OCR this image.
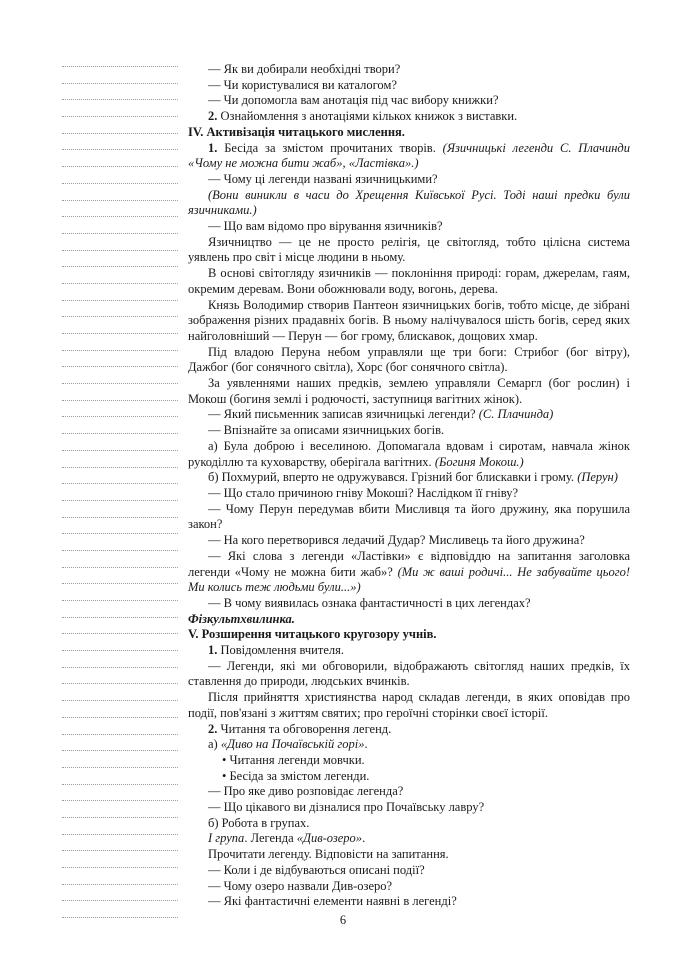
— Як ви добирали необхідні твори?
— Чи користувалися ви каталогом?
— Чи допомогла вам анотація під час вибору книжки?
2. Ознайомлення з анотаціями кількох книжок з виставки.
IV. Активізація читацького мислення.
1. Бесіда за змістом прочитаних творів. (Язичницькі легенди С. Плачинди «Чому не можна бити жаб», «Ластівка».)
— Чому ці легенди названі язичницькими?
(Вони виникли в часи до Хрещення Київської Русі. Тоді наші предки були язичниками.)
— Що вам відомо про вірування язичників?
Язичництво — це не просто релігія, це світогляд, тобто цілісна система уявлень про світ і місце людини в ньому.
В основі світогляду язичників — поклоніння природі: горам, джерелам, гаям, окремим деревам. Вони обожнювали воду, вогонь, дерева.
Князь Володимир створив Пантеон язичницьких богів, тобто місце, де зібрані зображення різних прадавніх богів. В ньому налічувалося шість богів, серед яких найголовніший — Перун — бог грому, блискавок, дощових хмар.
Під владою Перуна небом управляли ще три боги: Стрибог (бог вітру), Дажбог (бог сонячного світла), Хорс (бог сонячного світла).
За уявленнями наших предків, землею управляли Семаргл (бог рослин) і Мокош (богиня землі і родючості, заступниця вагітних жінок).
— Який письменник записав язичницькі легенди? (С. Плачинда)
— Впізнайте за описами язичницьких богів.
а) Була доброю і веселиною. Допомагала вдовам і сиротам, навчала жінок рукоділлю та куховарству, оберігала вагітних. (Богиня Мокош.)
б) Похмурий, вперто не одружувався. Грізний бог блискавки і грому. (Перун)
— Що стало причиною гніву Мокоші? Наслідком її гніву?
— Чому Перун передумав вбити Мисливця та його дружину, яка порушила закон?
— На кого перетворився ледачий Дудар? Мисливець та його дружина?
— Які слова з легенди «Ластівки» є відповіддю на запитання заголовка легенди «Чому не можна бити жаб»? (Ми ж ваші родичі... Не забувайте цього! Ми колись теж людьми були...»)
— В чому виявилась ознака фантастичності в цих легендах?
Фізкультхвилинка.
V. Розширення читацького кругозору учнів.
1. Повідомлення вчителя.
— Легенди, які ми обговорили, відображають світогляд наших предків, їх ставлення до природи, людських вчинків.
Після прийняття християнства народ складав легенди, в яких оповідав про події, пов'язані з життям святих; про героїчні сторінки своєї історії.
2. Читання та обговорення легенд.
а) «Диво на Почаївській горі».
• Читання легенди мовчки.
• Бесіда за змістом легенди.
— Про яке диво розповідає легенда?
— Що цікавого ви дізналися про Почаївську лавру?
б) Робота в групах.
І група. Легенда «Див-озеро».
Прочитати легенду. Відповісти на запитання.
— Коли і де відбуваються описані події?
— Чому озеро назвали Див-озеро?
— Які фантастичні елементи наявні в легенді?
6
